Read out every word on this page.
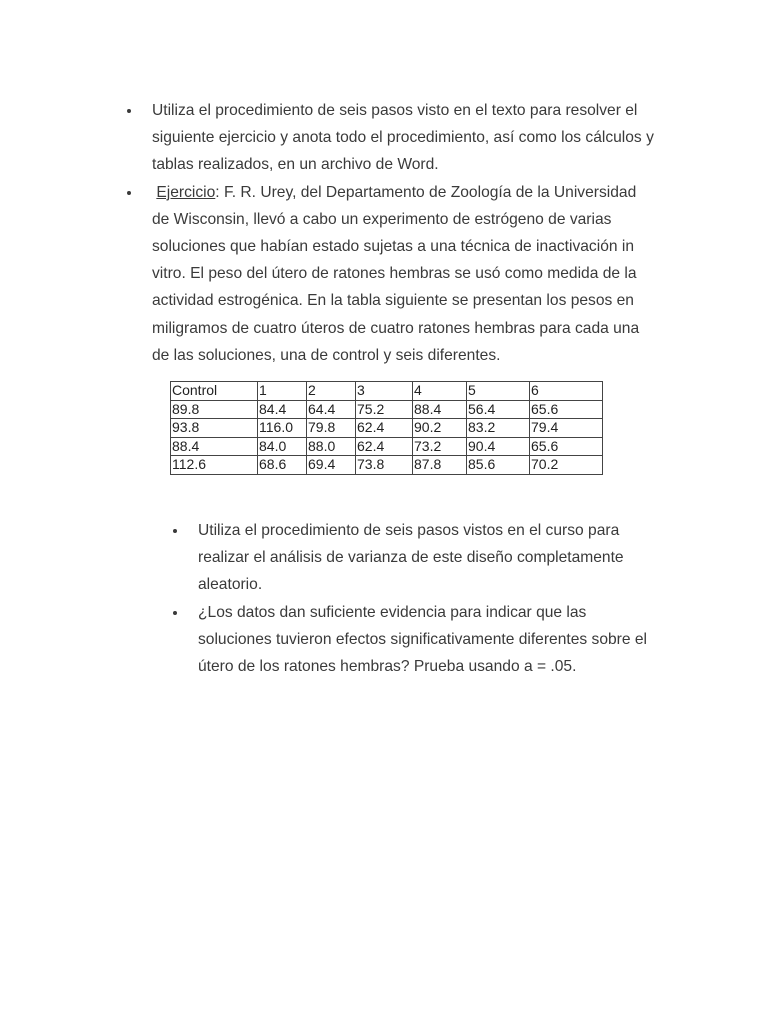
Utiliza el procedimiento de seis pasos visto en el texto para resolver el
siguiente ejercicio y anota todo el procedimiento, así como los cálculos y
tablas realizados, en un archivo de Word.
Ejercicio: F. R. Urey, del Departamento de Zoología de la Universidad
de Wisconsin, llevó a cabo un experimento de estrógeno de varias
soluciones que habían estado sujetas a una técnica de inactivación in
vitro. El peso del útero de ratones hembras se usó como medida de la
actividad estrogénica. En la tabla siguiente se presentan los pesos en
miligramos de cuatro úteros de cuatro ratones hembras para cada una
de las soluciones, una de control y seis diferentes.
Control	1	2	3	4	5	6
89.8	84.4	64.4	75.2	88.4	56.4	65.6
93.8	116.0	79.8	62.4	90.2	83.2	79.4
88.4	84.0	88.0	62.4	73.2	90.4	65.6
112.6	68.6	69.4	73.8	87.8	85.6	70.2
Utiliza el procedimiento de seis pasos vistos en el curso para
realizar el análisis de varianza de este diseño completamente
aleatorio.
¿Los datos dan suficiente evidencia para indicar que las
soluciones tuvieron efectos significativamente diferentes sobre el
útero de los ratones hembras? Prueba usando a = .05.
